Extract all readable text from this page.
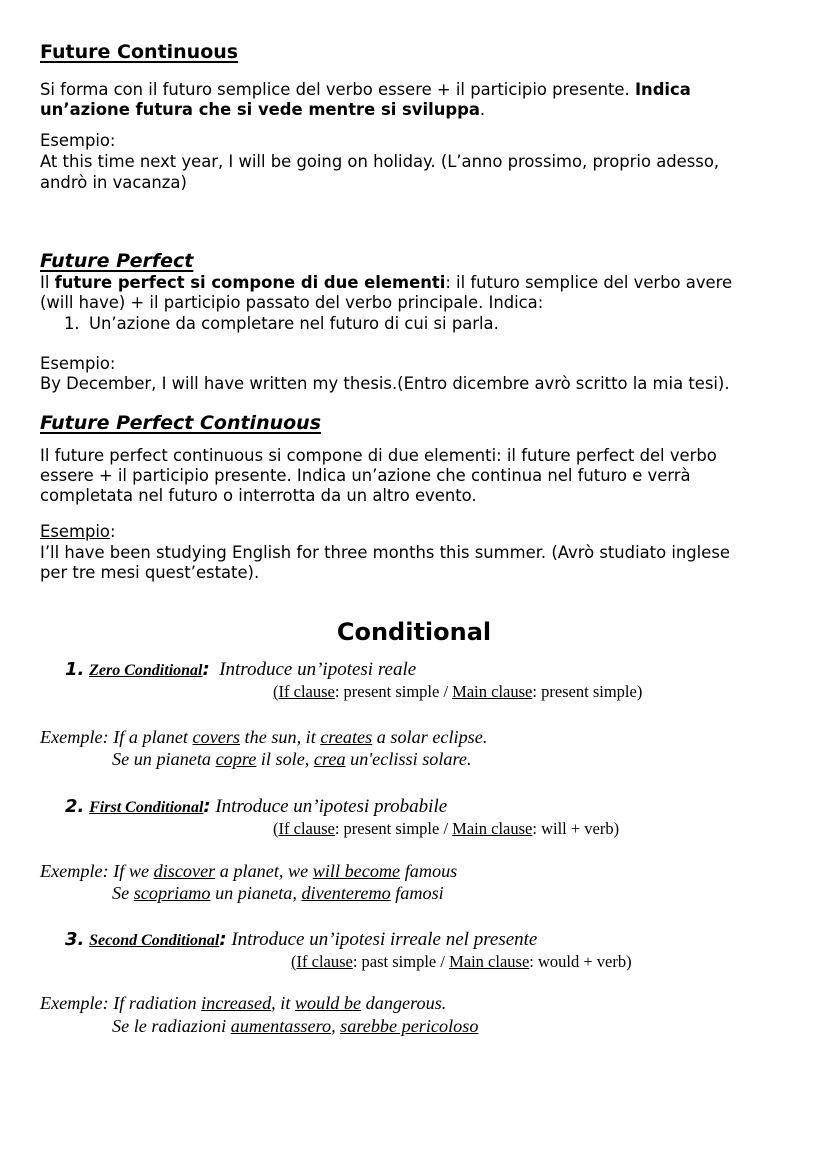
Future Continuous
Si forma con il futuro semplice del verbo essere + il participio presente. Indica
un’azione futura che si vede mentre si sviluppa.
Esempio:
At this time next year, I will be going on holiday. (L’anno prossimo, proprio adesso,
andrò in vacanza)
Future Perfect
Il future perfect si compone di due elementi: il futuro semplice del verbo avere
(will have) + il participio passato del verbo principale. Indica:
1. Un’azione da completare nel futuro di cui si parla.
Esempio:
By December, I will have written my thesis.(Entro dicembre avrò scritto la mia tesi).
Future Perfect Continuous
Il future perfect continuous si compone di due elementi: il future perfect del verbo
essere + il participio presente. Indica un’azione che continua nel futuro e verrà
completata nel futuro o interrotta da un altro evento.
Esempio:
I’ll have been studying English for three months this summer. (Avrò studiato inglese
per tre mesi quest’estate).
Conditional
1. Zero Conditional: Introduce un’ipotesi reale
(If clause: present simple / Main clause: present simple)
Exemple: If a planet covers the sun, it creates a solar eclipse.
Se un pianeta copre il sole, crea un'eclissi solare.
2. First Conditional: Introduce un’ipotesi probabile
(If clause: present simple / Main clause: will + verb)
Exemple: If we discover a planet, we will become famous
Se scopriamo un pianeta, diventeremo famosi
3. Second Conditional: Introduce un’ipotesi irreale nel presente
(If clause: past simple / Main clause: would + verb)
Exemple: If radiation increased, it would be dangerous.
Se le radiazioni aumentassero, sarebbe pericoloso
